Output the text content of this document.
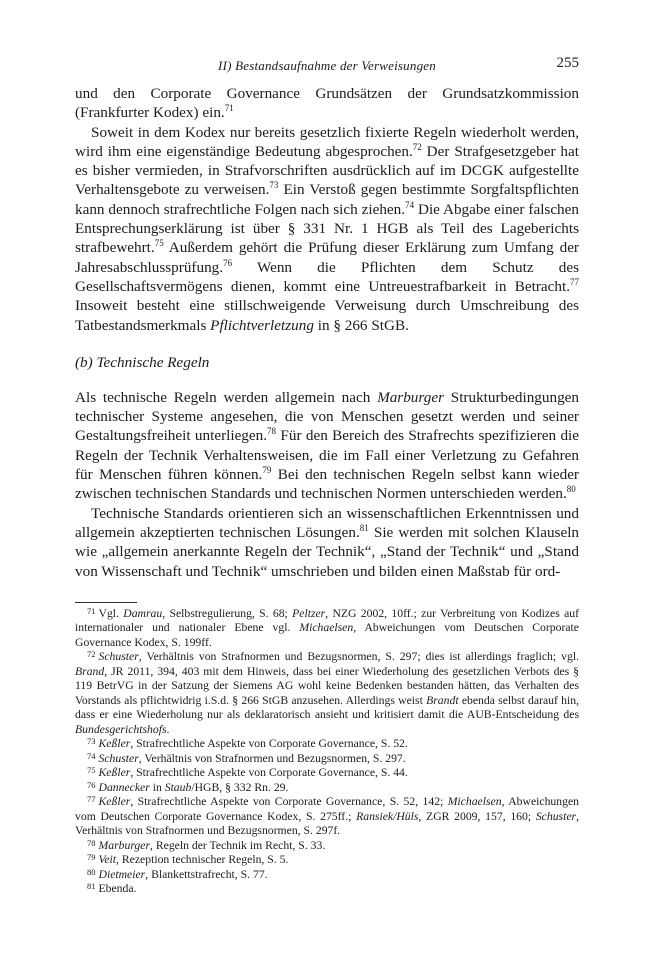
II) Bestandsaufnahme der Verweisungen	255

und den Corporate Governance Grundsätzen der Grundsatzkommission (Frankfurter Kodex) ein.$^{71}$

Soweit in dem Kodex nur bereits gesetzlich fixierte Regeln wiederholt werden, wird ihm eine eigenständige Bedeutung abgesprochen.$^{72}$ Der Strafgesetzgeber hat es bisher vermieden, in Strafvorschriften ausdrücklich auf im DCGK aufgestellte Verhaltensgebote zu verweisen.$^{73}$ Ein Verstoß gegen bestimmte Sorgfaltspflichten kann dennoch strafrechtliche Folgen nach sich ziehen.$^{74}$ Die Abgabe einer falschen Entsprechungserklärung ist über § 331 Nr. 1 HGB als Teil des Lageberichts strafbewehrt.$^{75}$ Außerdem gehört die Prüfung dieser Erklärung zum Umfang der Jahresabschlussprüfung.$^{76}$ Wenn die Pflichten dem Schutz des Gesellschaftsvermögens dienen, kommt eine Untreuestrafbarkeit in Betracht.$^{77}$ Insoweit besteht eine stillschweigende Verweisung durch Umschreibung des Tatbestandsmerkmals Pflichtverletzung in § 266 StGB.

(b) Technische Regeln

Als technische Regeln werden allgemein nach Marburger Strukturbedingungen technischer Systeme angesehen, die von Menschen gesetzt werden und seiner Gestaltungsfreiheit unterliegen.$^{78}$ Für den Bereich des Strafrechts spezifizieren die Regeln der Technik Verhaltensweisen, die im Fall einer Verletzung zu Gefahren für Menschen führen können.$^{79}$ Bei den technischen Regeln selbst kann wieder zwischen technischen Standards und technischen Normen unterschieden werden.$^{80}$

Technische Standards orientieren sich an wissenschaftlichen Erkenntnissen und allgemein akzeptierten technischen Lösungen.$^{81}$ Sie werden mit solchen Klauseln wie „allgemein anerkannte Regeln der Technik“, „Stand der Technik“ und „Stand von Wissenschaft und Technik“ umschrieben und bilden einen Maßstab für ord-

$^{71}$ Vgl. Damrau, Selbstregulierung, S. 68; Peltzer, NZG 2002, 10ff.; zur Verbreitung von Kodizes auf internationaler und nationaler Ebene vgl. Michaelsen, Abweichungen vom Deutschen Corporate Governance Kodex, S. 199ff.

$^{72}$ Schuster, Verhältnis von Strafnormen und Bezugsnormen, S. 297; dies ist allerdings fraglich; vgl. Brand, JR 2011, 394, 403 mit dem Hinweis, dass bei einer Wiederholung des gesetzlichen Verbots des § 119 BetrVG in der Satzung der Siemens AG wohl keine Bedenken bestanden hätten, das Verhalten des Vorstands als pflichtwidrig i.S.d. § 266 StGB anzusehen. Allerdings weist Brandt ebenda selbst darauf hin, dass er eine Wiederholung nur als deklaratorisch ansieht und kritisiert damit die AUB-Entscheidung des Bundesgerichtshofs.

$^{73}$ Keßler, Strafrechtliche Aspekte von Corporate Governance, S. 52.

$^{74}$ Schuster, Verhältnis von Strafnormen und Bezugsnormen, S. 297.

$^{75}$ Keßler, Strafrechtliche Aspekte von Corporate Governance, S. 44.

$^{76}$ Dannecker in Staub/HGB, § 332 Rn. 29.

$^{77}$ Keßler, Strafrechtliche Aspekte von Corporate Governance, S. 52, 142; Michaelsen, Abweichungen vom Deutschen Corporate Governance Kodex, S. 275ff.; Ransiek/Hüls, ZGR 2009, 157, 160; Schuster, Verhältnis von Strafnormen und Bezugsnormen, S. 297f.

$^{78}$ Marburger, Regeln der Technik im Recht, S. 33.

$^{79}$ Veit, Rezeption technischer Regeln, S. 5.

$^{80}$ Dietmeier, Blankettstrafrecht, S. 77.

$^{81}$ Ebenda.
